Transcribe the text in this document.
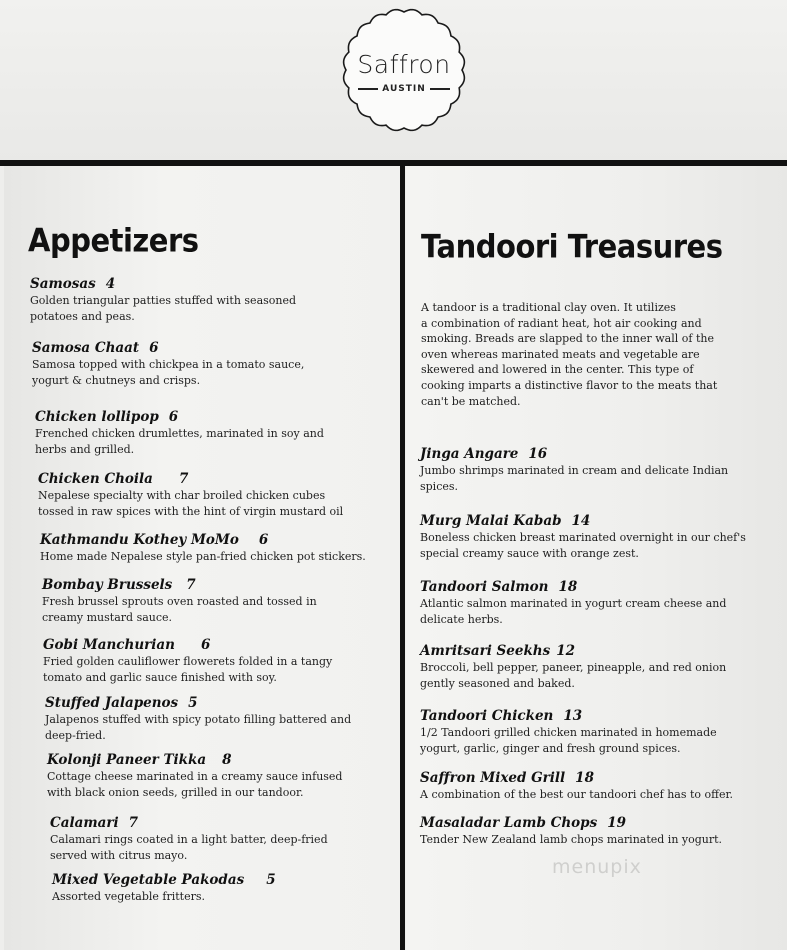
Saffron
AUSTIN
Appetizers	Tandoori Treasures
A tandoor is a traditional clay oven. It utilizes
a combination of radiant heat, hot air cooking and
smoking. Breads are slapped to the inner wall of the
oven whereas marinated meats and vegetable are
skewered and lowered in the center. This type of
cooking imparts a distinctive flavor to the meats that
can't be matched.
Samosas 4
Golden triangular patties stuffed with seasoned
potatoes and peas.
Samosa Chaat 6
Samosa topped with chickpea in a tomato sauce,
yogurt & chutneys and crisps.
Chicken lollipop 6
Frenched chicken drumlettes, marinated in soy and
herbs and grilled.
Chicken Choila 7
Nepalese specialty with char broiled chicken cubes
tossed in raw spices with the hint of virgin mustard oil
Kathmandu Kothey MoMo 6
Home made Nepalese style pan-fried chicken pot stickers.
Bombay Brussels 7
Fresh brussel sprouts oven roasted and tossed in
creamy mustard sauce.
Gobi Manchurian 6
Fried golden cauliflower flowerets folded in a tangy
tomato and garlic sauce finished with soy.
Stuffed Jalapenos 5
Jalapenos stuffed with spicy potato filling battered and
deep-fried.
Kolonji Paneer Tikka 8
Cottage cheese marinated in a creamy sauce infused
with black onion seeds, grilled in our tandoor.
Calamari 7
Calamari rings coated in a light batter, deep-fried
served with citrus mayo.
Mixed Vegetable Pakodas 5
Assorted vegetable fritters.
Jinga Angare 16
Jumbo shrimps marinated in cream and delicate Indian
spices.
Murg Malai Kabab 14
Boneless chicken breast marinated overnight in our chef's
special creamy sauce with orange zest.
Tandoori Salmon 18
Atlantic salmon marinated in yogurt cream cheese and
delicate herbs.
Amritsari Seekhs 12
Broccoli, bell pepper, paneer, pineapple, and red onion
gently seasoned and baked.
Tandoori Chicken 13
1/2 Tandoori grilled chicken marinated in homemade
yogurt, garlic, ginger and fresh ground spices.
Saffron Mixed Grill 18
A combination of the best our tandoori chef has to offer.
Masaladar Lamb Chops 19
Tender New Zealand lamb chops marinated in yogurt.
menupix
